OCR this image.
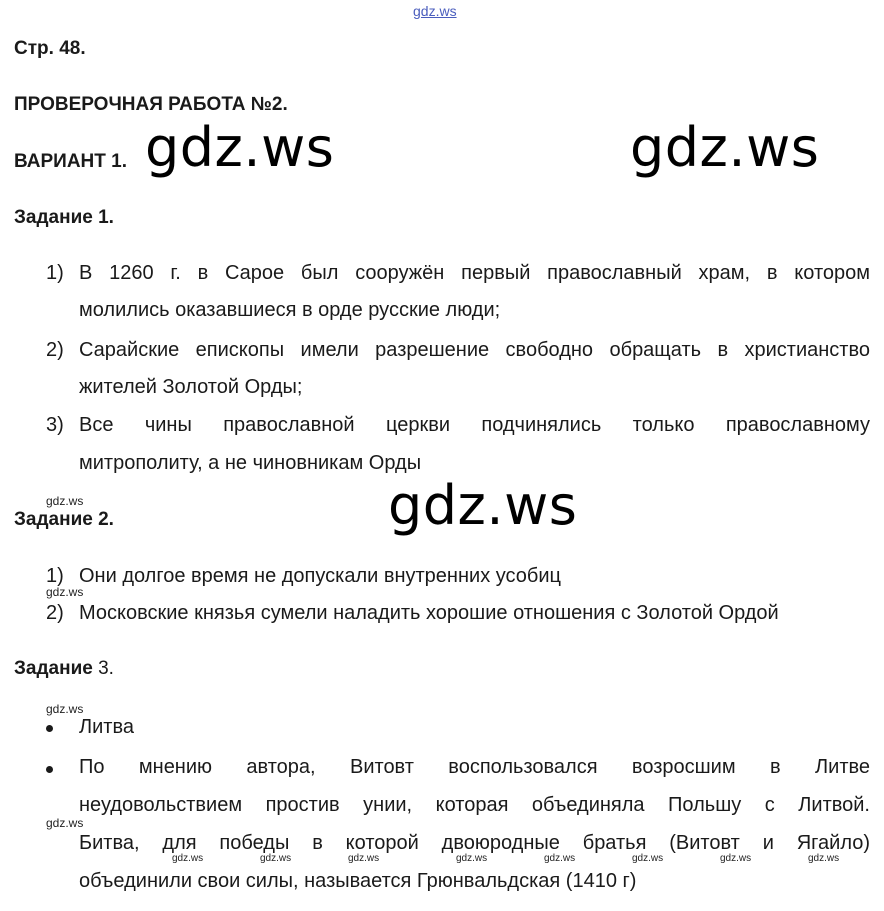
gdz.ws
Стр. 48.
ПРОВЕРОЧНАЯ РАБОТА №2.
ВАРИАНТ 1. gdz.ws	gdz.ws
Задание 1.
1) В 1260 г. в Сарое был сооружён первый православный храм, в котором
молились оказавшиеся в орде русские люди;
2) Сарайские епископы имели разрешение свободно обращать в христианство
жителей Золотой Орды;
3) Все чины православной церкви подчинялись только православному
митрополиту, а не чиновникам Орды
gdz.ws	gdz.ws
Задание 2.
1) Они долгое время не допускали внутренних усобиц
gdz.ws
2) Московские князья сумели наладить хорошие отношения с Золотой Ордой
Задание 3.
gdz.ws
Литва
По мнению автора, Витовт воспользовался возросшим в Литве
неудовольствием простив унии, которая объединяла Польшу с Литвой.
Битва, для победы в которой двоюродные братья (Витовт и Ягайло)
объединили свои силы, называется Грюнвальдская (1410 г)
gdz.ws
gdz.ws	gdz.ws	gdz.ws	gdz.ws	gdz.ws	gdz.ws	gdz.ws	gdz.ws
